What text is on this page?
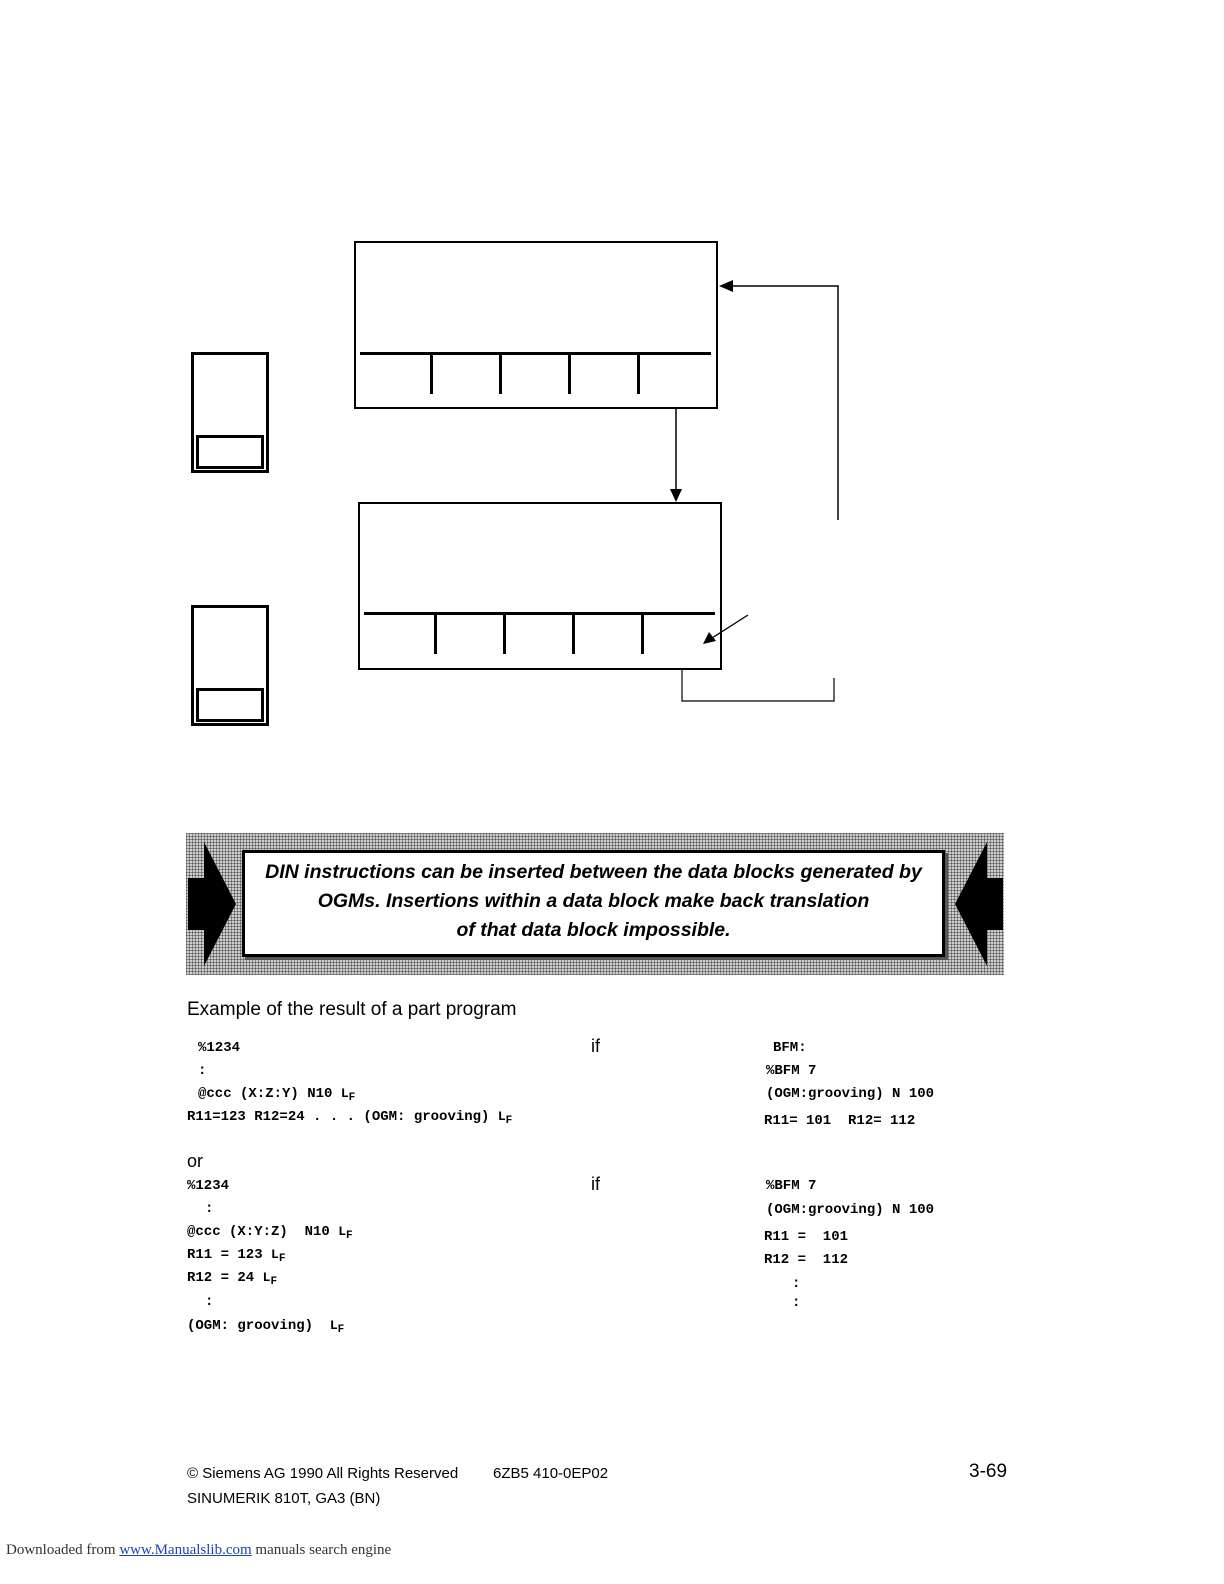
DIN instructions can be inserted between the data blocks generated by
OGMs. Insertions within a data block make back translation
of that data block impossible.
Example of the result of a part program
%1234
:
@ccc (X:Z:Y) N10 $L_F$
R11=123 R12=24 . . . (OGM: grooving) $L_F$
if	BFM:
%BFM 7
(OGM:grooving) N 100
R11= 101  R12= 112
or
%1234
:
@ccc (X:Y:Z)  N10 $L_F$
R11 = 123 $L_F$
R12 = 24 $L_F$
:
(OGM: grooving) $L_F$
if	%BFM 7
(OGM:grooving) N 100
R11 =  101
R12 =  112
:
:
© Siemens AG 1990 All Rights Reserved 6ZB5 410-0EP02	3-69
SINUMERIK 810T, GA3 (BN)
Downloaded from www.Manualslib.com manuals search engine
